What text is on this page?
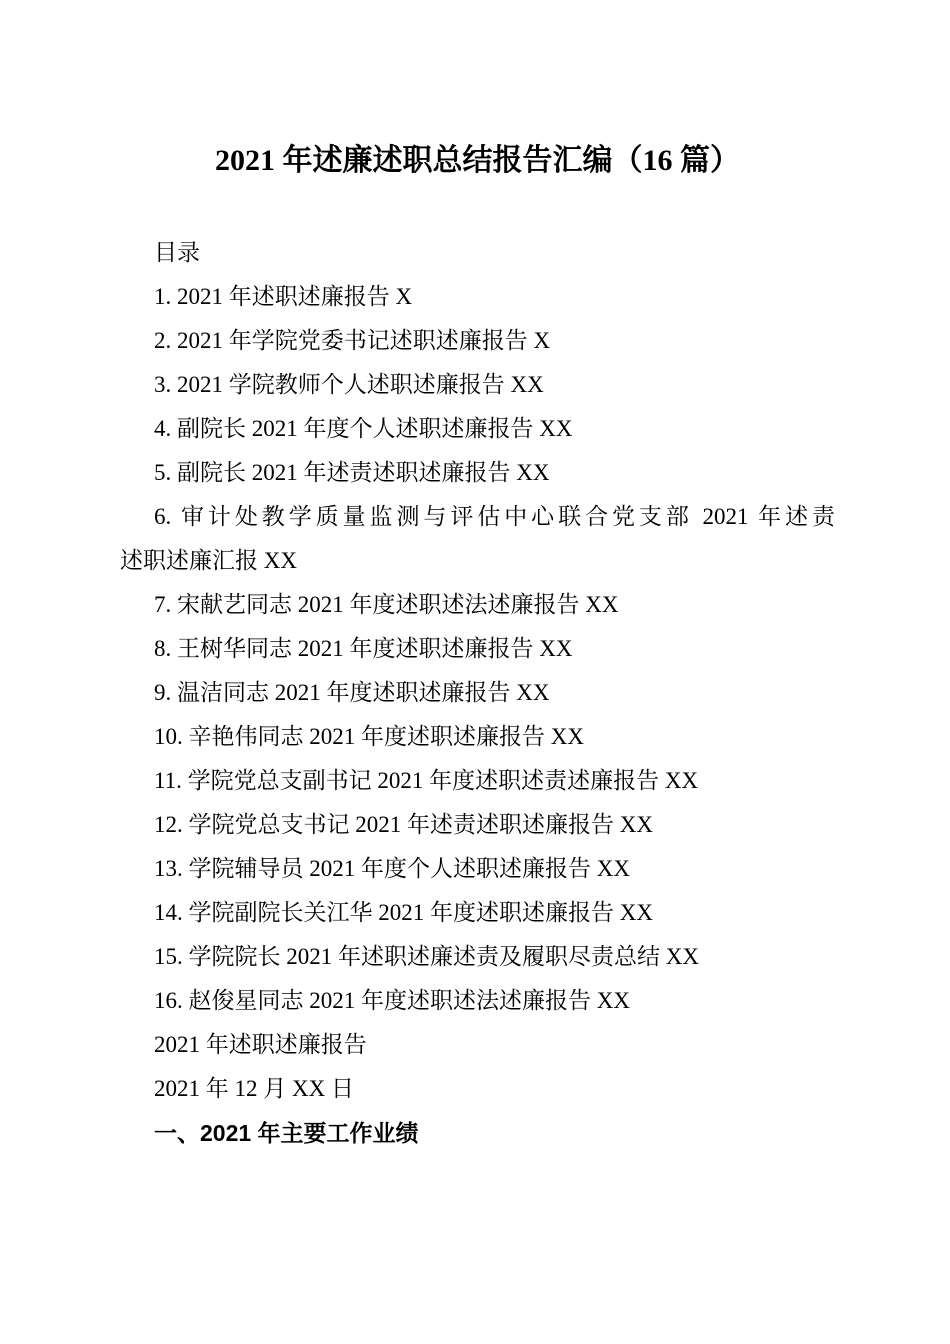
2021 年述廉述职总结报告汇编（16 篇）
目录
1. 2021 年述职述廉报告 X
2. 2021 年学院党委书记述职述廉报告 X
3. 2021 学院教师个人述职述廉报告 XX
4. 副院长 2021 年度个人述职述廉报告 XX
5. 副院长 2021 年述责述职述廉报告 XX
6. 审计处教学质量监测与评估中心联合党支部 2021 年述责
述职述廉汇报 XX
7. 宋献艺同志 2021 年度述职述法述廉报告 XX
8. 王树华同志 2021 年度述职述廉报告 XX
9. 温洁同志 2021 年度述职述廉报告 XX
10. 辛艳伟同志 2021 年度述职述廉报告 XX
11. 学院党总支副书记 2021 年度述职述责述廉报告 XX
12. 学院党总支书记 2021 年述责述职述廉报告 XX
13. 学院辅导员 2021 年度个人述职述廉报告 XX
14. 学院副院长关江华 2021 年度述职述廉报告 XX
15. 学院院长 2021 年述职述廉述责及履职尽责总结 XX
16. 赵俊星同志 2021 年度述职述法述廉报告 XX
2021 年述职述廉报告
2021 年 12 月 XX 日
一、2021 年主要工作业绩
